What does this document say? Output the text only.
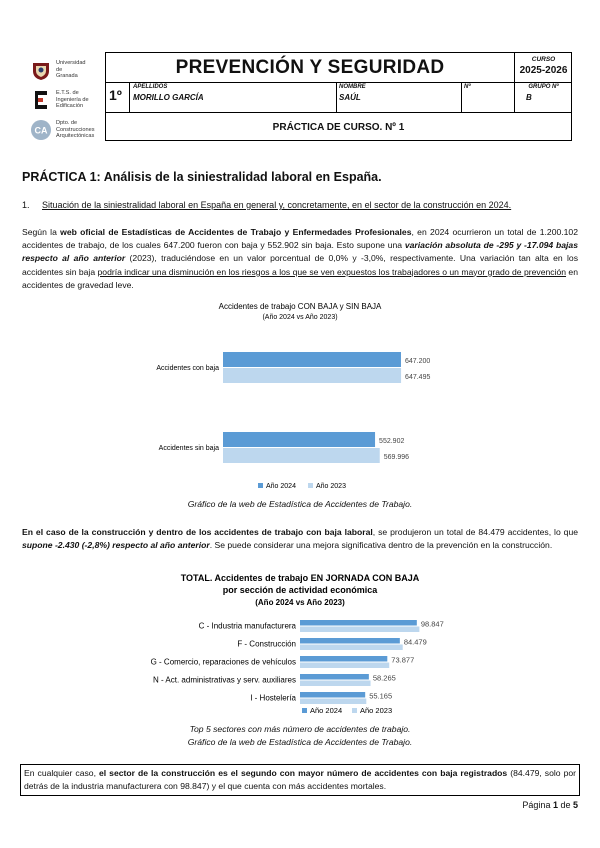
Universidad
de
Granada
E.T.S. de
Ingeniería de
Edificación
CA
Dpto. de
Construcciones
Arquitectónicas
PREVENCIÓN Y SEGURIDAD	CURSO
2025-2026
1º APELLIDOS
MORILLO GARCÍA
NOMBRE
SAÚL
Nº	GRUPO Nº
B
PRÁCTICA DE CURSO. Nº 1
PRÁCTICA 1: Análisis de la siniestralidad laboral en España.
1. Situación de la siniestralidad laboral en España en general y, concretamente, en el sector de la construcción en 2024.
Según la web oficial de Estadísticas de Accidentes de Trabajo y Enfermedades Profesionales, en 2024 ocurrieron un total de 1.200.102 accidentes de trabajo, de los cuales 647.200 fueron con baja y 552.902 sin baja. Esto supone una variación absoluta de -295 y -17.094 bajas respecto al año anterior (2023), traduciéndose en un valor porcentual de 0,0% y -3,0%, respectivamente. Una variación tan alta en los accidentes sin baja podría indicar una disminución en los riesgos a los que se ven expuestos los trabajadores o un mayor grado de prevención en accidentes de gravedad leve.
Accidentes de trabajo CON BAJA y SIN BAJA
(Año 2024 vs Año 2023)
Accidentes con baja
647.200
647.495
Accidentes sin baja
552.902
569.996
Año 2024	Año 2023
Gráfico de la web de Estadística de Accidentes de Trabajo.
En el caso de la construcción y dentro de los accidentes de trabajo con baja laboral, se produjeron un total de 84.479 accidentes, lo que supone -2.430 (-2,8%) respecto al año anterior. Se puede considerar una mejora significativa dentro de la prevención en la construcción.
TOTAL. Accidentes de trabajo EN JORNADA CON BAJA
por sección de actividad económica
(Año 2024 vs Año 2023)
C - Industria manufacturera	98.847
F - Construcción	84.479
G - Comercio, reparaciones de vehículos	73.877
N - Act. administrativas y serv. auxiliares	58.265
I - Hostelería	55.165
Año 2024 Año 2023
Top 5 sectores con más número de accidentes de trabajo.
Gráfico de la web de Estadística de Accidentes de Trabajo.
En cualquier caso, el sector de la construcción es el segundo con mayor número de accidentes con baja registrados (84.479, solo por detrás de la industria manufacturera con 98.847) y el que cuenta con más accidentes mortales.
Página 1 de 5
